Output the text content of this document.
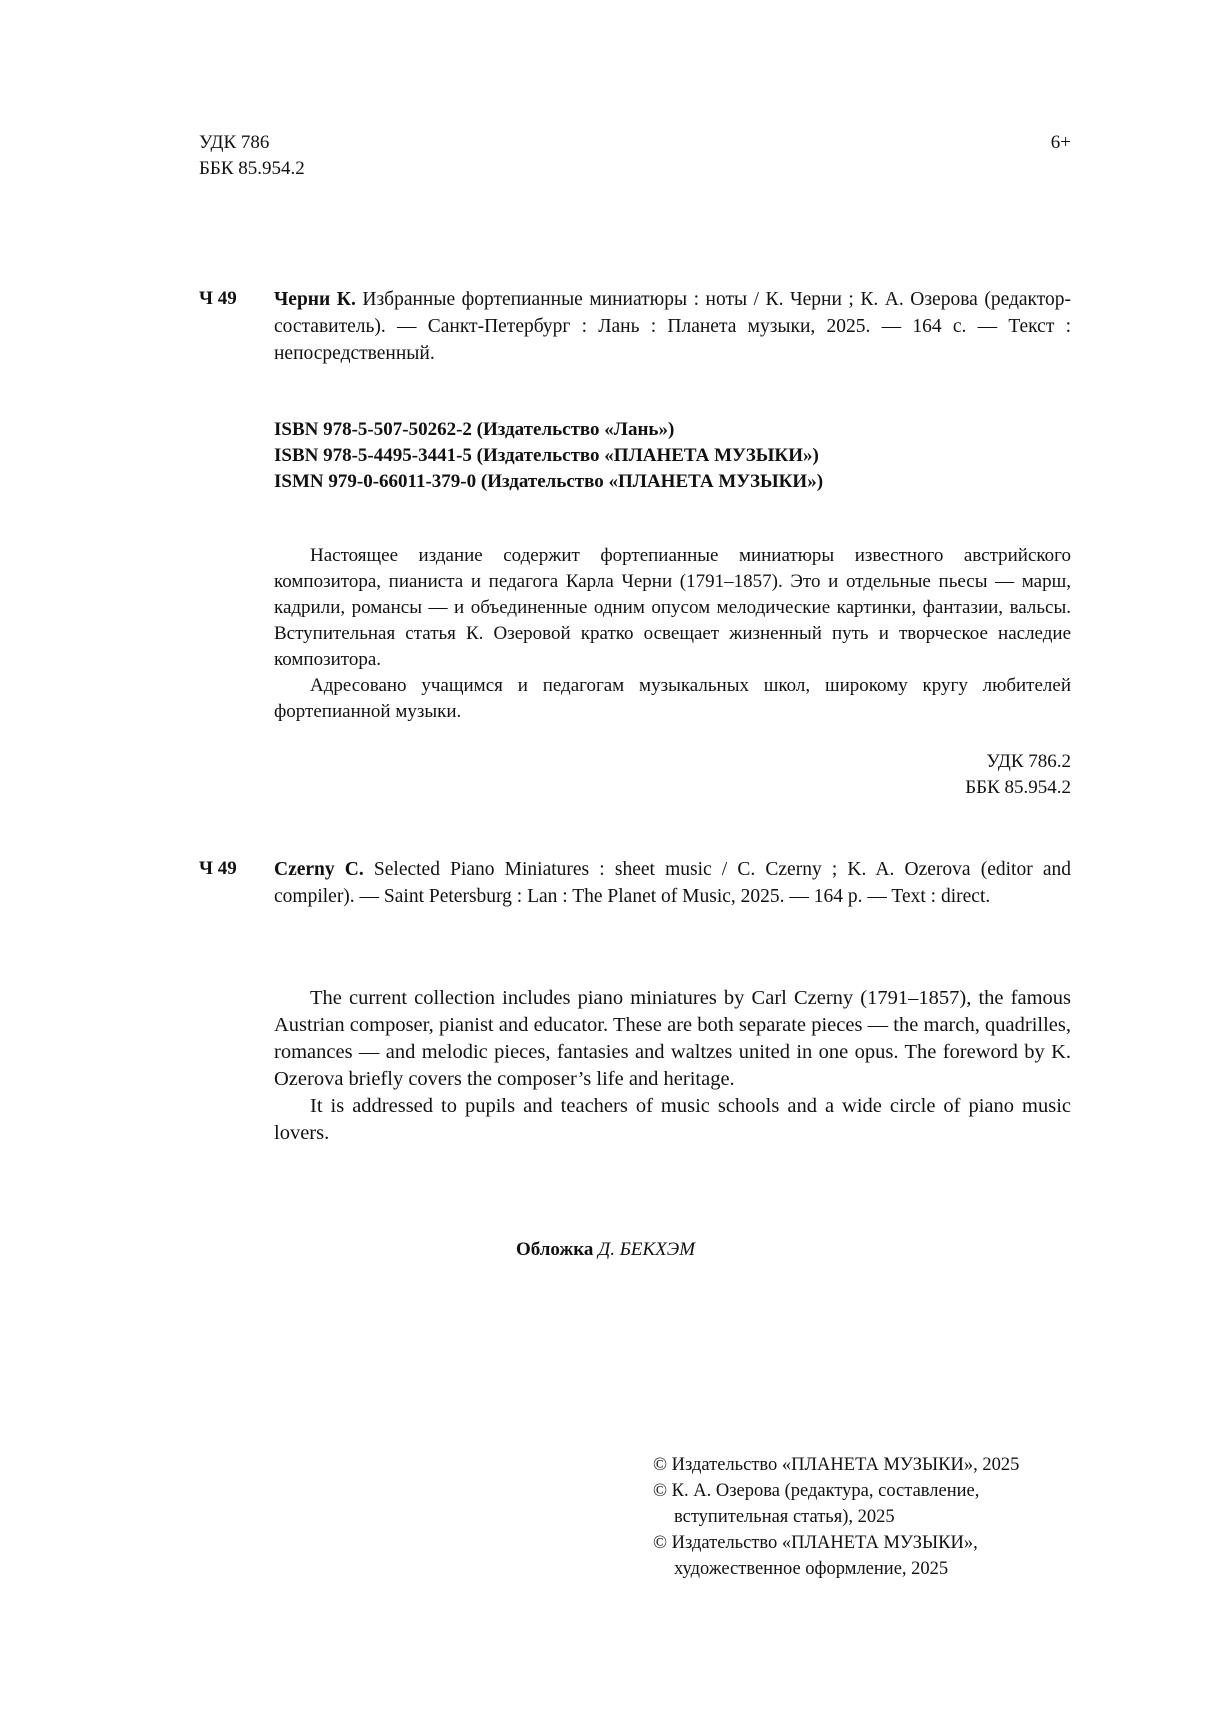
УДК 786
ББК 85.954.2
6+
Ч 49 Черни К. Избранные фортепианные миниатюры : ноты / К. Черни ; К. А. Озерова (редактор-составитель). — Санкт-Петербург : Лань : Планета музыки, 2025. — 164 с. — Текст : непосредственный.
ISBN 978-5-507-50262-2 (Издательство «Лань»)
ISBN 978-5-4495-3441-5 (Издательство «ПЛАНЕТА МУЗЫКИ»)
ISMN 979-0-66011-379-0 (Издательство «ПЛАНЕТА МУЗЫКИ»)
Настоящее издание содержит фортепианные миниатюры известного австрийского композитора, пианиста и педагога Карла Черни (1791–1857). Это и отдельные пьесы — марш, кадрили, романсы — и объединенные одним опусом мелодические картинки, фантазии, вальсы. Вступительная статья К. Озеровой кратко освещает жизненный путь и творческое наследие композитора.
Адресовано учащимся и педагогам музыкальных школ, широкому кругу любителей фортепианной музыки.
УДК 786.2
ББК 85.954.2
Ч 49 Czerny C. Selected Piano Miniatures : sheet music / C. Czerny ; K. A. Ozerova (editor and compiler). — Saint Petersburg : Lan : The Planet of Music, 2025. — 164 p. — Text : direct.
The current collection includes piano miniatures by Carl Czerny (1791–1857), the famous Austrian composer, pianist and educator. These are both separate pieces — the march, quadrilles, romances — and melodic pieces, fantasies and waltzes united in one opus. The foreword by K. Ozerova briefly covers the composer’s life and heritage.
It is addressed to pupils and teachers of music schools and a wide circle of piano music lovers.
Обложка Д. БЕКХЭМ
© Издательство «ПЛАНЕТА МУЗЫКИ», 2025
© К. А. Озерова (редактура, составление,
вступительная статья), 2025
© Издательство «ПЛАНЕТА МУЗЫКИ»,
художественное оформление, 2025
